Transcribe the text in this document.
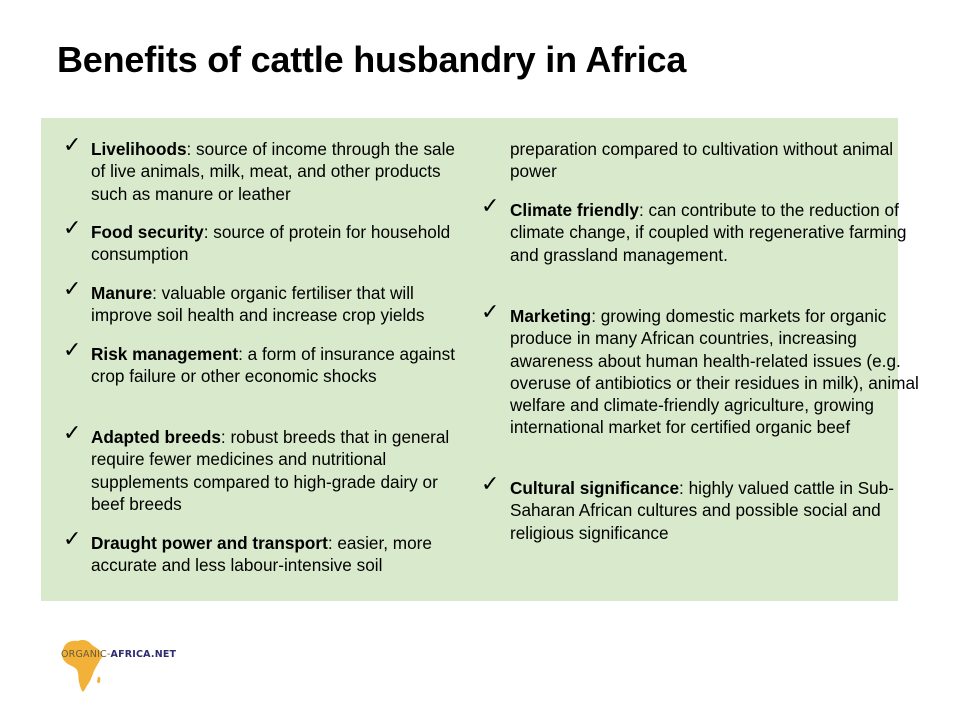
Benefits of cattle husbandry in Africa
✓ Livelihoods: source of income through the sale of live animals, milk, meat, and other products such as manure or leather
✓ Food security: source of protein for household consumption
✓ Manure: valuable organic fertiliser that will improve soil health and increase crop yields
✓ Risk management: a form of insurance against crop failure or other economic shocks
✓ Adapted breeds: robust breeds that in general require fewer medicines and nutritional supplements compared to high-grade dairy or beef breeds
✓ Draught power and transport: easier, more accurate and less labour-intensive soil
preparation compared to cultivation without animal power
✓ Climate friendly: can contribute to the reduction of climate change, if coupled with regenerative farming and grassland management.
✓ Marketing: growing domestic markets for organic produce in many African countries, increasing awareness about human health-related issues (e.g. overuse of antibiotics or their residues in milk), animal welfare and climate-friendly agriculture, growing international market for certified organic beef
✓ Cultural significance: highly valued cattle in Sub-Saharan African cultures and possible social and religious significance
ORGANIC-AFRICA.NET
